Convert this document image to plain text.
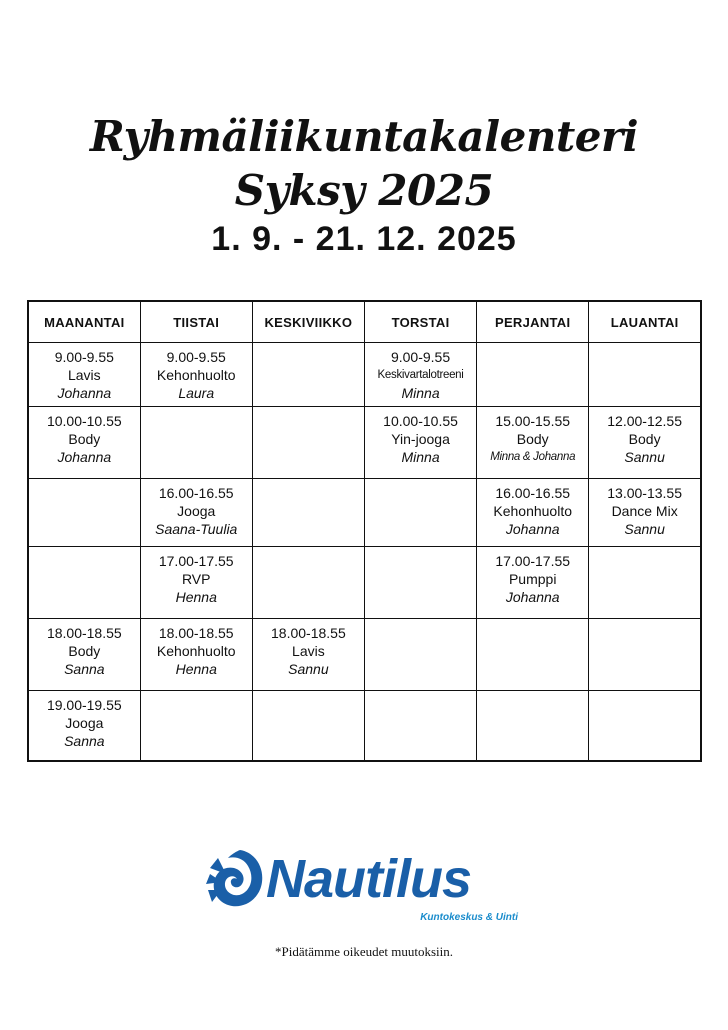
Ryhmäliikuntakalenteri
Syksy 2025
1. 9. - 21. 12. 2025
MAANANTAI	TIISTAI	KESKIVIIKKO	TORSTAI	PERJANTAI	LAUANTAI

9.00-9.55
Lavis
Johanna	9.00-9.55
Kehonhuolto
Laura		9.00-9.55
Keskivartalotreeni
Minna		

10.00-10.55
Body
Johanna			10.00-10.55
Yin-jooga
Minna	15.00-15.55
Body
Minna & Johanna	12.00-12.55
Body
Sannu

	16.00-16.55
Jooga
Saana-Tuulia			16.00-16.55
Kehonhuolto
Johanna	13.00-13.55
Dance Mix
Sannu

	17.00-17.55
RVP
Henna			17.00-17.55
Pumppi
Johanna	

18.00-18.55
Body
Sanna	18.00-18.55
Kehonhuolto
Henna	18.00-18.55
Lavis
Sannu			

19.00-19.55
Jooga
Sanna					

Nautilus
Kuntokeskus & Uinti
*Pidätämme oikeudet muutoksiin.
